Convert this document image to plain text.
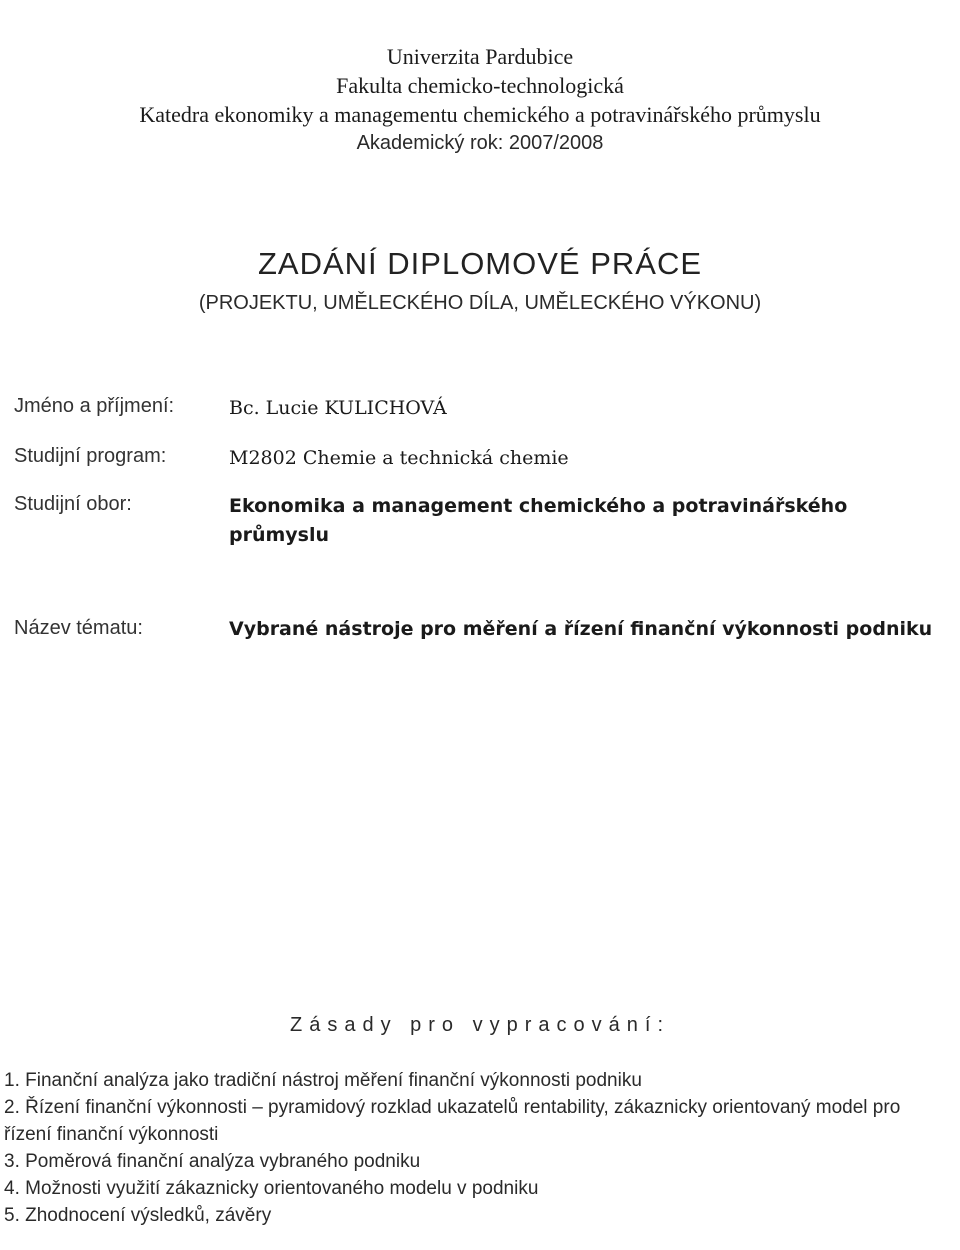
Univerzita Pardubice
Fakulta chemicko-technologická
Katedra ekonomiky a managementu chemického a potravinářského průmyslu
Akademický rok: 2007/2008
ZADÁNÍ DIPLOMOVÉ PRÁCE
(PROJEKTU, UMĚLECKÉHO DÍLA, UMĚLECKÉHO VÝKONU)
Jméno a příjmení:	Bc. Lucie KULICHOVÁ
Studijní program:	M2802 Chemie a technická chemie
Studijní obor:	Ekonomika a management chemického a potravinářského průmyslu
Název tématu:	Vybrané nástroje pro měření a řízení finanční výkonnosti podniku
Zásady pro vypracování:
1. Finanční analýza jako tradiční nástroj měření finanční výkonnosti podniku
2. Řízení finanční výkonnosti – pyramidový rozklad ukazatelů rentability, zákaznicky orientovaný model pro řízení finanční výkonnosti
3. Poměrová finanční analýza vybraného podniku
4. Možnosti využití zákaznicky orientovaného modelu v podniku
5. Zhodnocení výsledků, závěry
